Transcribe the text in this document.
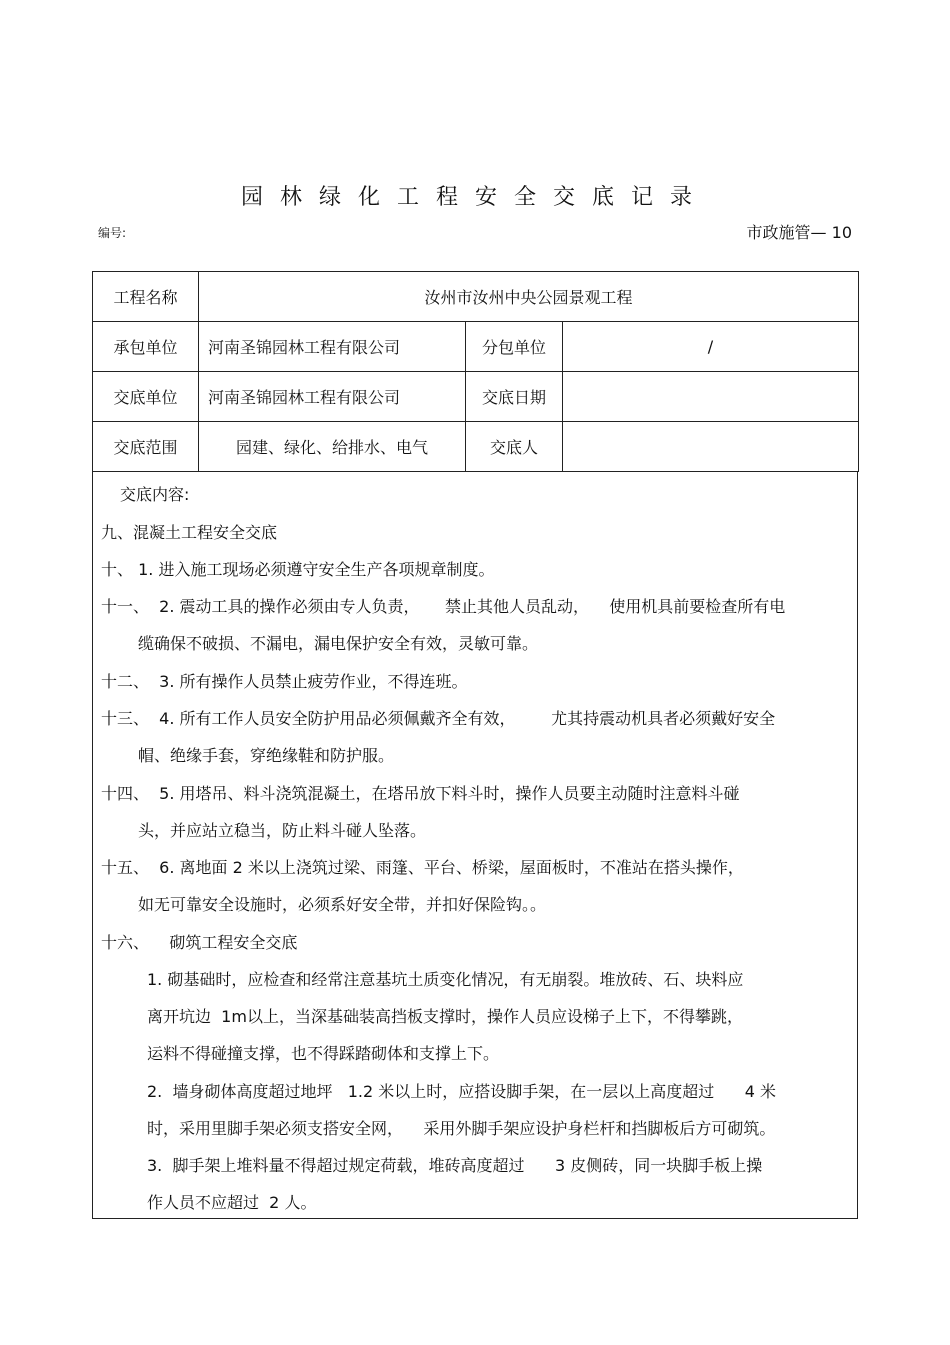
园林绿化工程安全交底记录
编号:	市政施管— 10
工程名称	汝州市汝州中央公园景观工程		
承包单位	河南圣锦园林工程有限公司	分包单位	/
交底单位	河南圣锦园林工程有限公司	交底日期	
交底范围	园建、绿化、给排水、电气	交底人	
交底内容:
九、混凝土工程安全交底
十、 1. 进入施工现场必须遵守安全生产各项规章制度。
十一、  2. 震动工具的操作必须由专人负责，     禁止其他人员乱动，    使用机具前要检查所有电
缆确保不破损、不漏电，漏电保护安全有效，灵敏可靠。
十二、  3. 所有操作人员禁止疲劳作业，不得连班。
十三、  4. 所有工作人员安全防护用品必须佩戴齐全有效，       尤其持震动机具者必须戴好安全
帽、绝缘手套，穿绝缘鞋和防护服。
十四、  5. 用塔吊、料斗浇筑混凝土，在塔吊放下料斗时，操作人员要主动随时注意料斗碰
头，并应站立稳当，防止料斗碰人坠落。
十五、  6. 离地面 2 米以上浇筑过梁、雨篷、平台、桥梁，屋面板时，不准站在搭头操作，
如无可靠安全设施时，必须系好安全带，并扣好保险钩。。
十六、    砌筑工程安全交底
1. 砌基础时，应检查和经常注意基坑土质变化情况，有无崩裂。堆放砖、石、块料应
离开坑边  1m以上，当深基础装高挡板支撑时，操作人员应设梯子上下，不得攀跳，
运料不得碰撞支撑，也不得踩踏砌体和支撑上下。
2.  墙身砌体高度超过地坪   1.2 米以上时，应搭设脚手架，在一层以上高度超过      4 米
时，采用里脚手架必须支搭安全网，    采用外脚手架应设护身栏杆和挡脚板后方可砌筑。
3.  脚手架上堆料量不得超过规定荷载，堆砖高度超过      3 皮侧砖，同一块脚手板上操
作人员不应超过  2 人。
